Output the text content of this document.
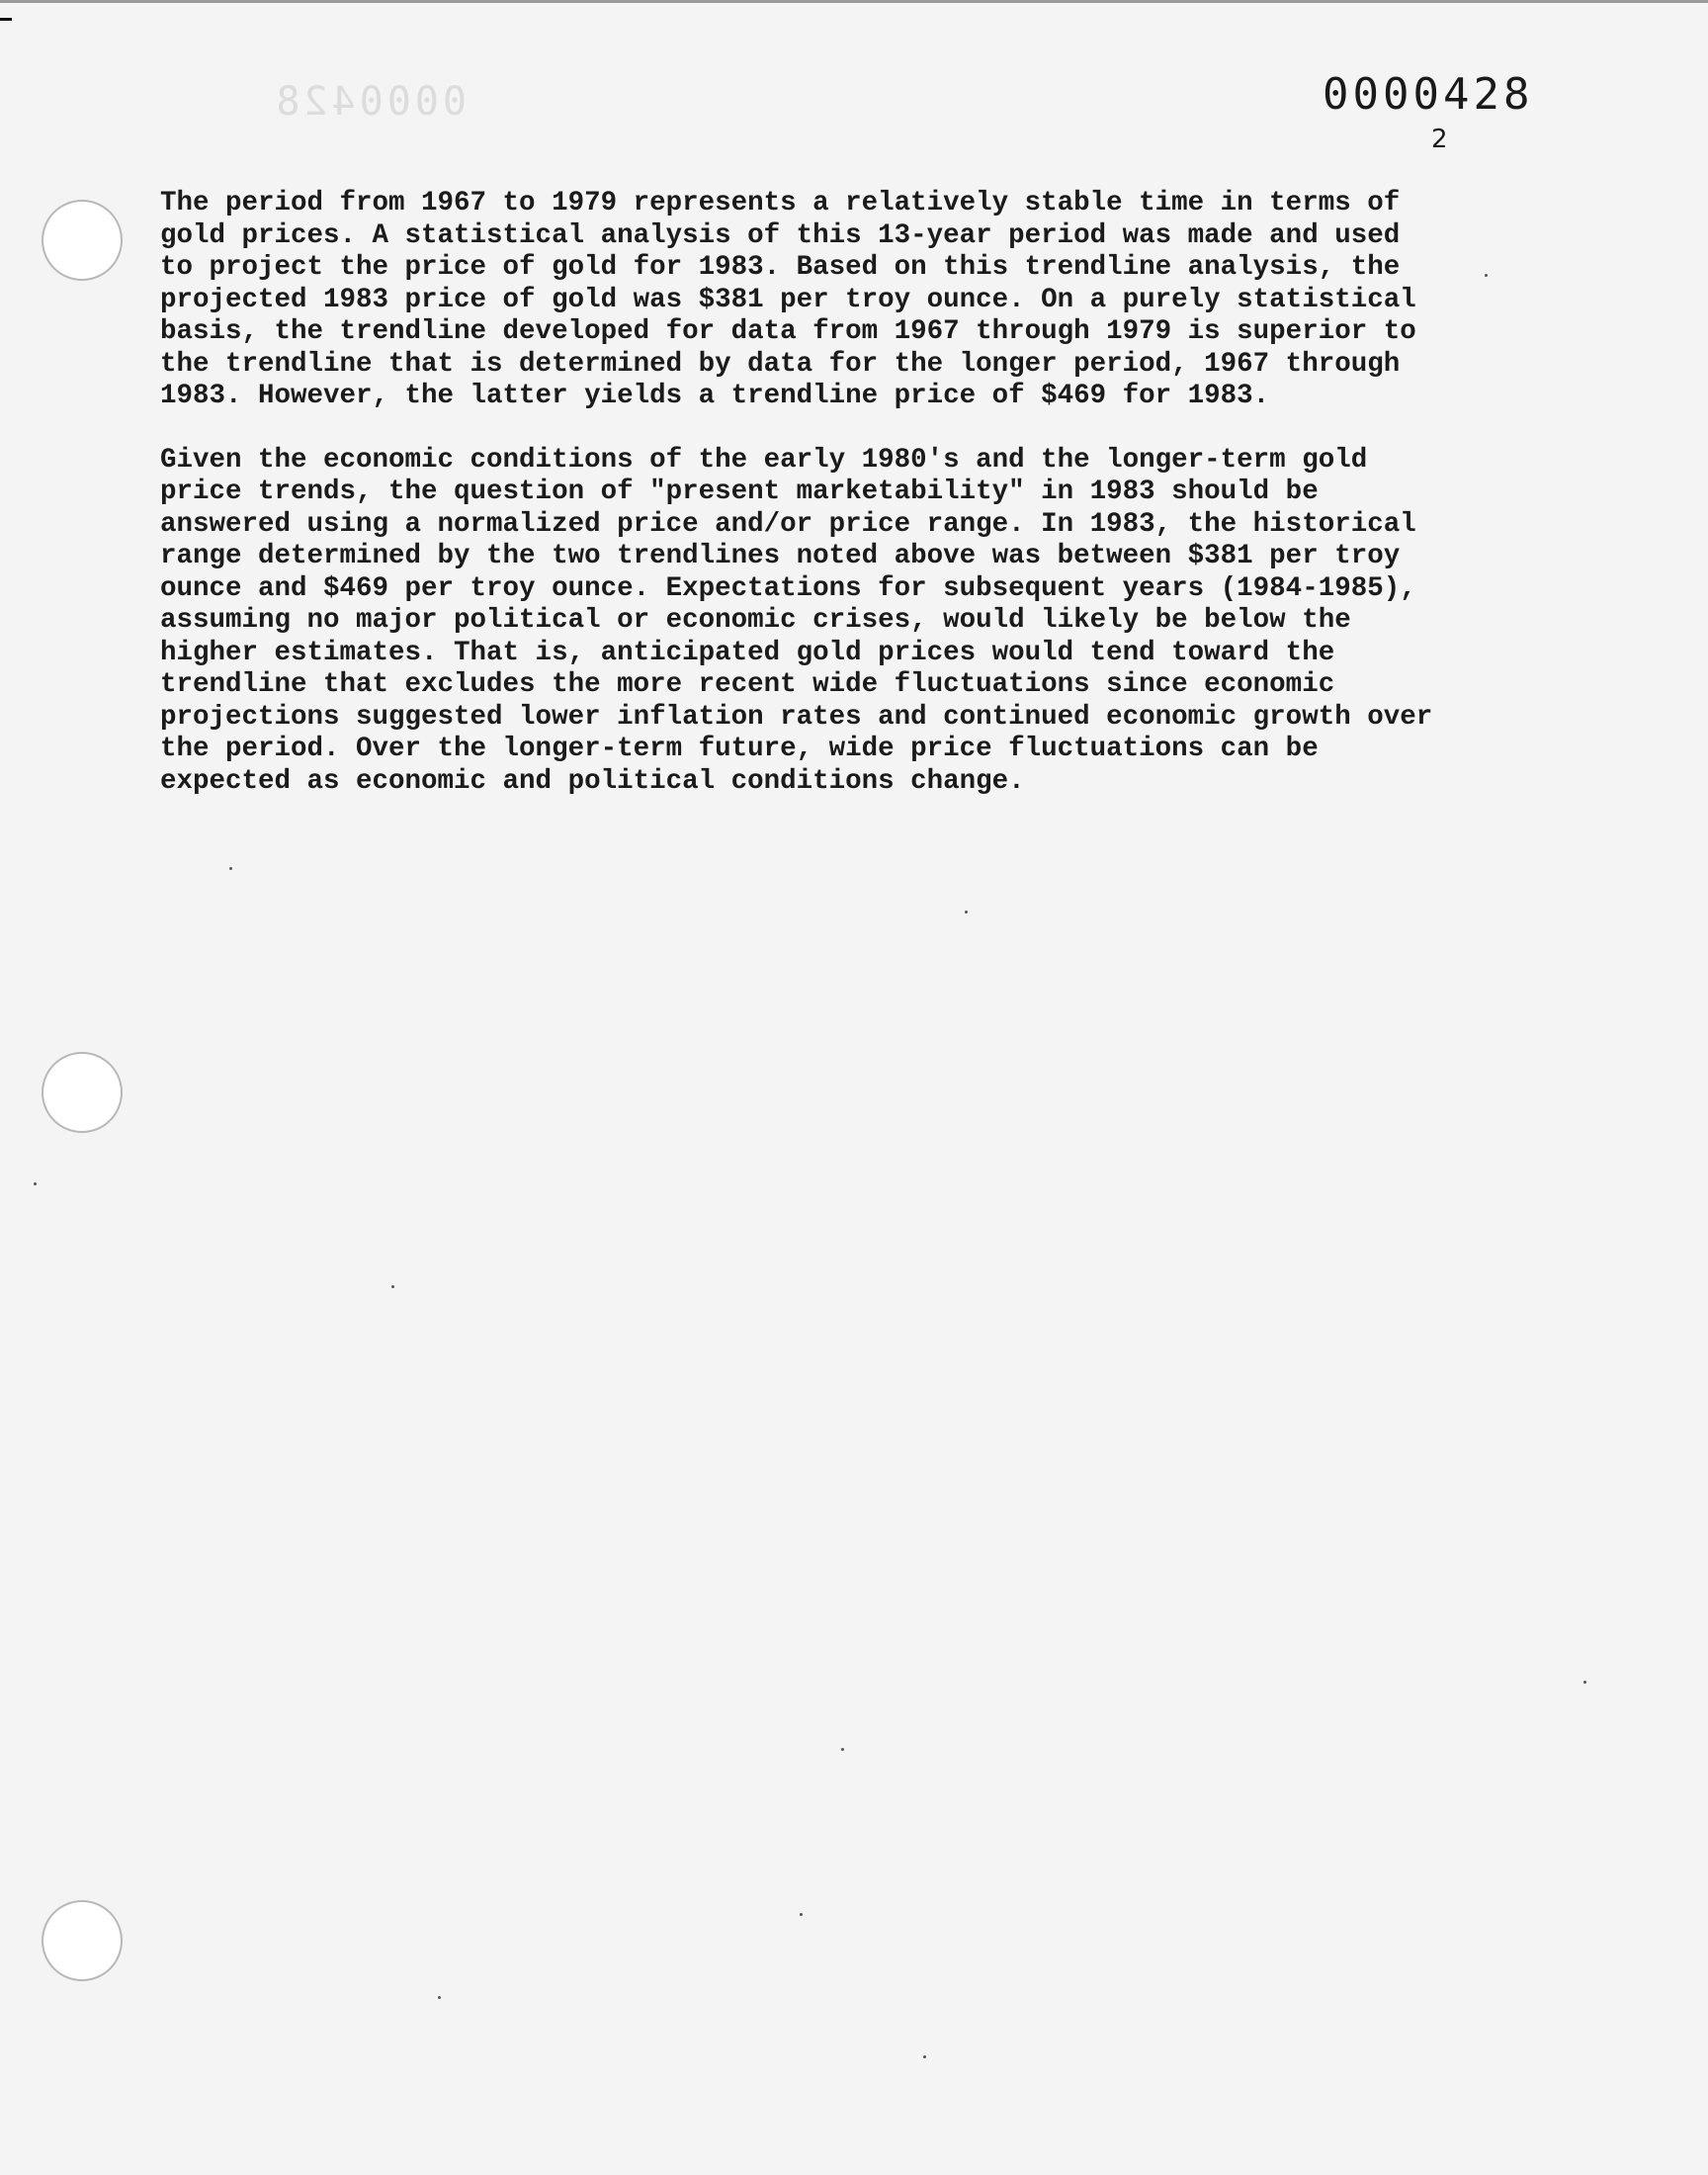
0000428	0000428
2
The period from 1967 to 1979 represents a relatively stable time in terms of
gold prices. A statistical analysis of this 13-year period was made and used
to project the price of gold for 1983. Based on this trendline analysis, the
projected 1983 price of gold was $381 per troy ounce. On a purely statistical
basis, the trendline developed for data from 1967 through 1979 is superior to
the trendline that is determined by data for the longer period, 1967 through
1983. However, the latter yields a trendline price of $469 for 1983.
Given the economic conditions of the early 1980's and the longer-term gold
price trends, the question of "present marketability" in 1983 should be
answered using a normalized price and/or price range. In 1983, the historical
range determined by the two trendlines noted above was between $381 per troy
ounce and $469 per troy ounce. Expectations for subsequent years (1984-1985),
assuming no major political or economic crises, would likely be below the
higher estimates. That is, anticipated gold prices would tend toward the
trendline that excludes the more recent wide fluctuations since economic
projections suggested lower inflation rates and continued economic growth over
the period. Over the longer-term future, wide price fluctuations can be
expected as economic and political conditions change.
